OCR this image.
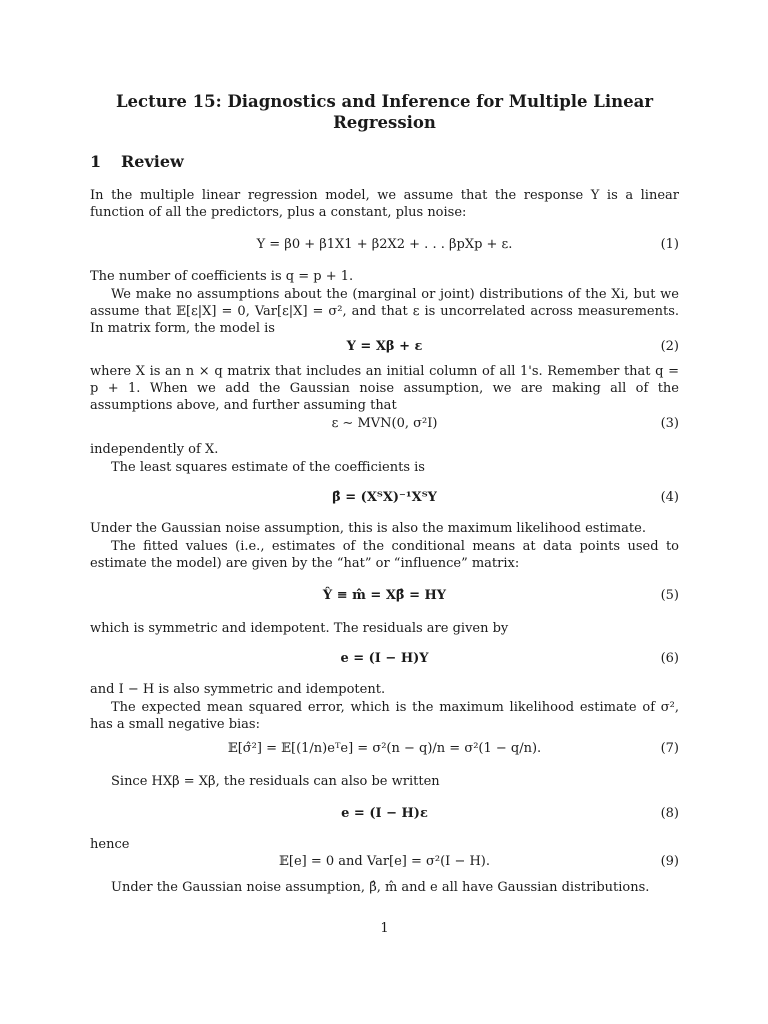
Lecture 15: Diagnostics and Inference for Multiple Linear Regression
1 Review
In the multiple linear regression model, we assume that the response Y is a linear function of all the predictors, plus a constant, plus noise:
Y = β0 + β1X1 + β2X2 + . . . βpXp + ε.	(1)
The number of coefficients is q = p + 1.
We make no assumptions about the (marginal or joint) distributions of the Xi, but we assume that 𝔼[ε|X] = 0, Var[ε|X] = σ², and that ε is uncorrelated across measurements. In matrix form, the model is
Y = Xβ + ε	(2)
where X is an n × q matrix that includes an initial column of all 1's. Remember that q = p + 1. When we add the Gaussian noise assumption, we are making all of the assumptions above, and further assuming that
ε ∼ MVN(0, σ²I)	(3)
independently of X.
The least squares estimate of the coefficients is
β̂ = (XᵀX)⁻¹XᵀY	(4)
Under the Gaussian noise assumption, this is also the maximum likelihood estimate.
The fitted values (i.e., estimates of the conditional means at data points used to estimate the model) are given by the “hat” or “influence” matrix:
Ŷ ≡ m̂ = Xβ̂ = HY	(5)
which is symmetric and idempotent. The residuals are given by
e = (I − H)Y	(6)
and I − H is also symmetric and idempotent.
The expected mean squared error, which is the maximum likelihood estimate of σ², has a small negative bias:
𝔼[σ̂²] = 𝔼[(1/n)eᵀe] = σ²(n − q)/n = σ²(1 − q/n).	(7)
Since HXβ = Xβ, the residuals can also be written
e = (I − H)ε	(8)
hence
𝔼[e] = 0 and Var[e] = σ²(I − H).	(9)
Under the Gaussian noise assumption, β̂, m̂ and e all have Gaussian distributions.
1
